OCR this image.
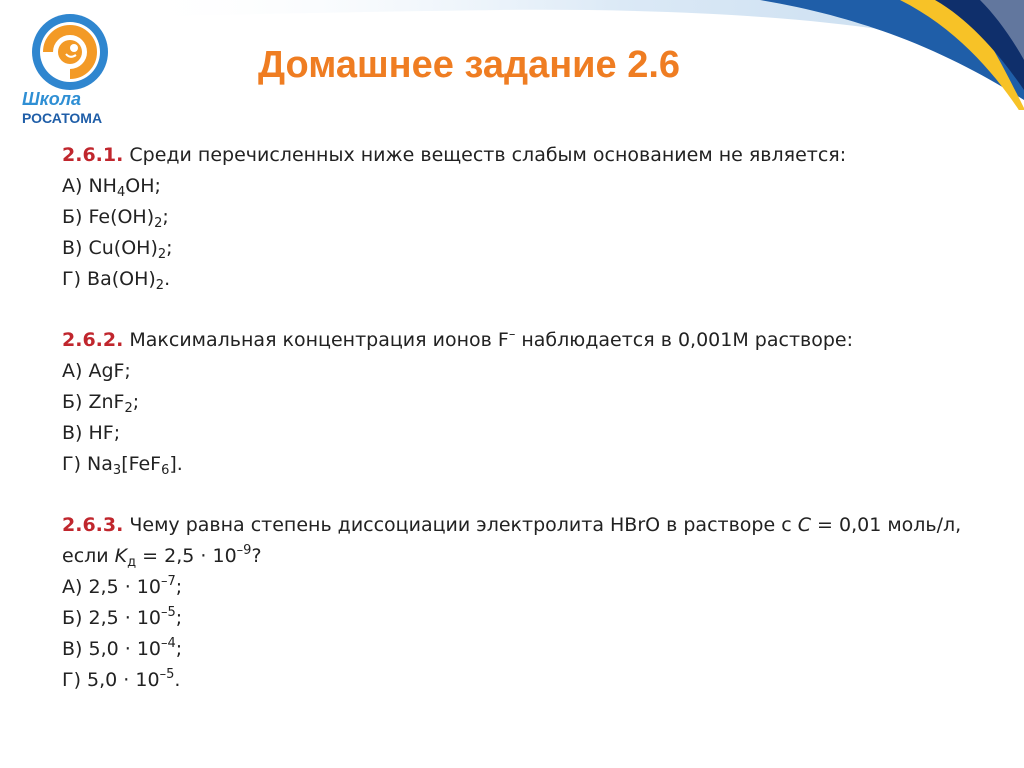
Школа
РОСАТОМА
Домашнее задание 2.6
2.6.1. Среди перечисленных ниже веществ слабым основанием не является:
А) $NH_4OH$;
Б) $Fe(OH)_2$;
В) $Cu(OH)_2$;
Г) $Ba(OH)_2$.
2.6.2. Максимальная концентрация ионов F– наблюдается в 0,001М растворе:
А) AgF;
Б) ZnF$_2$;
В) HF;
Г) $Na_3[FeF_6]$.
2.6.3. Чему равна степень диссоциации электролита HBrO в растворе с C = 0,01 моль/л,
если $K_д = 2,5 \cdot 10^{-9}$?
А) $2,5 \cdot 10^{-7}$;
Б) $2,5 \cdot 10^{-5}$;
В) $5,0 \cdot 10^{-4}$;
Г) $5,0 \cdot 10^{-5}$.
